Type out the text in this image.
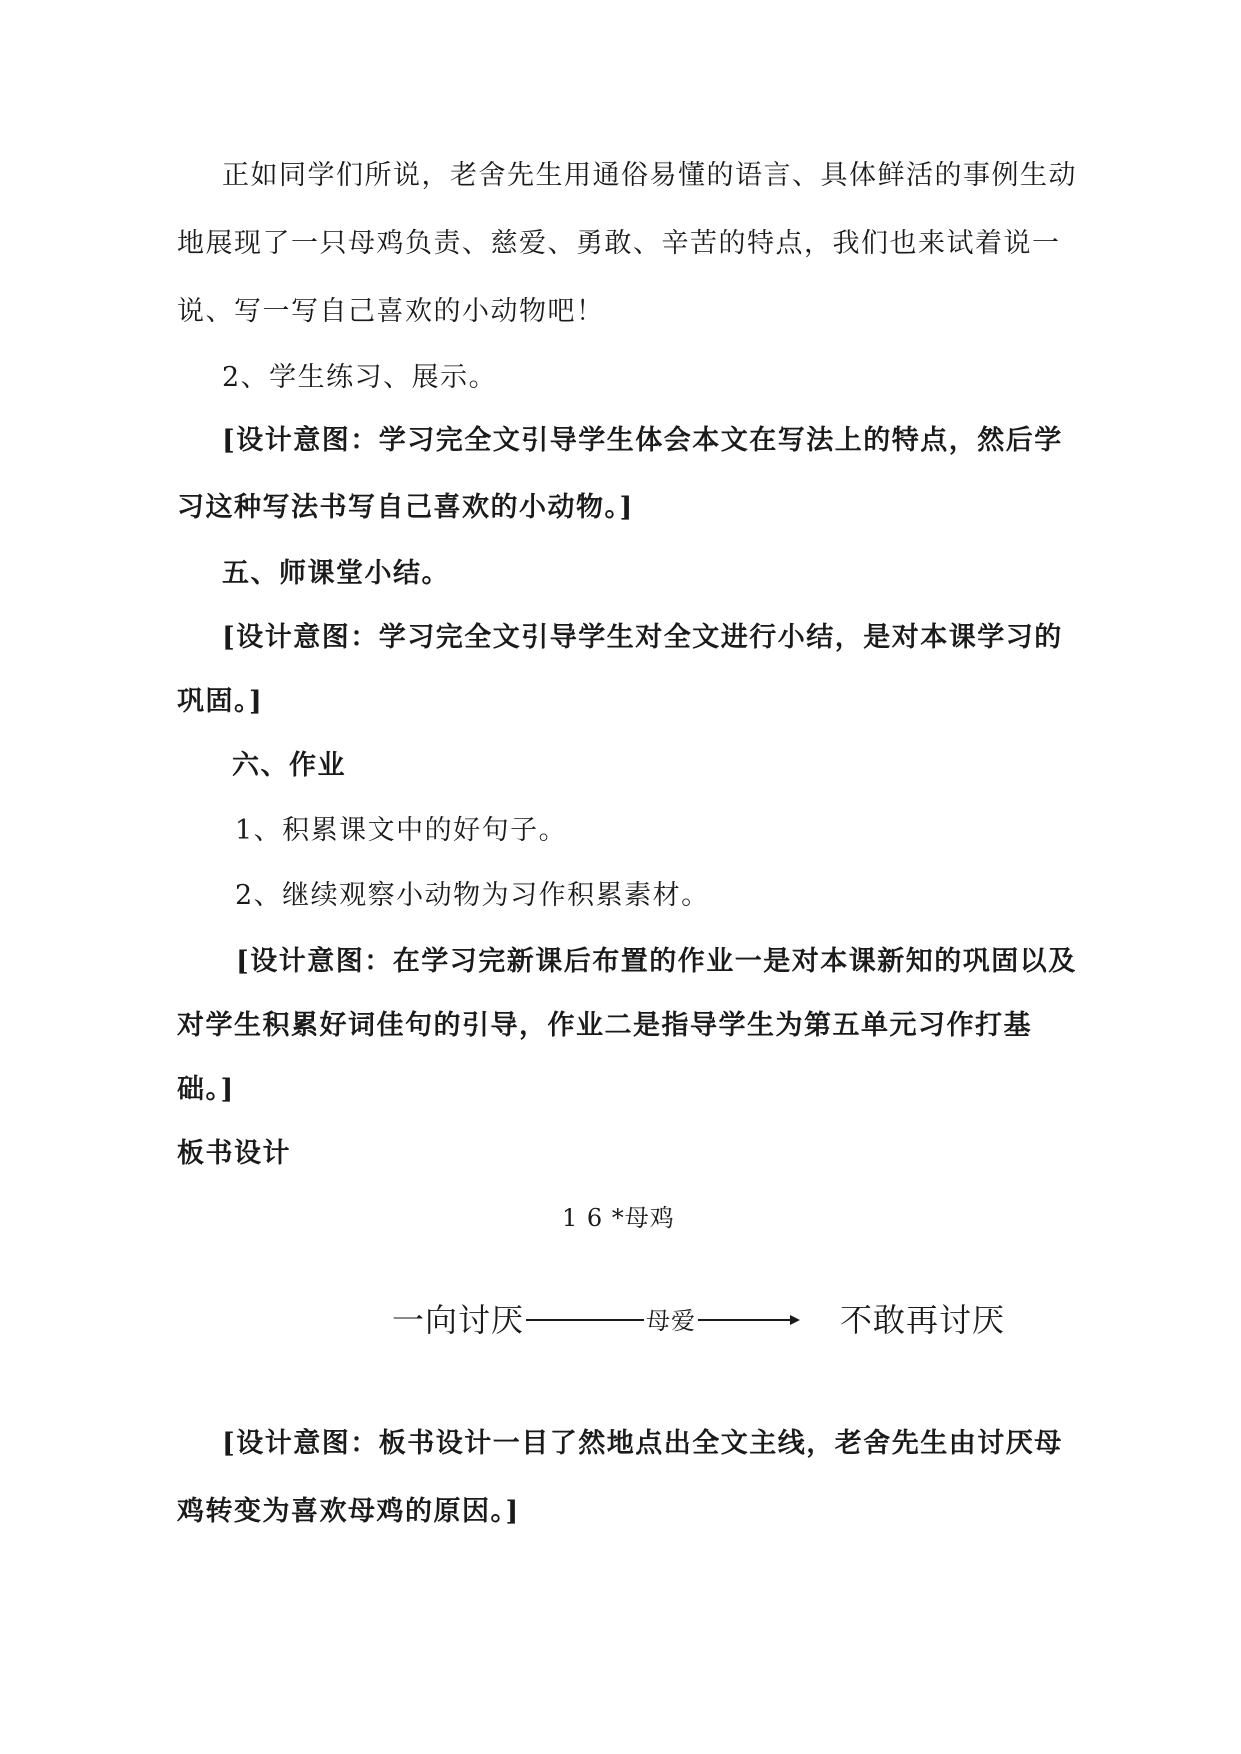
正如同学们所说，老舍先生用通俗易懂的语言、具体鲜活的事例生动
地展现了一只母鸡负责、慈爱、勇敢、辛苦的特点，我们也来试着说一
说、写一写自己喜欢的小动物吧！
2、学生练习、展示。
[设计意图：学习完全文引导学生体会本文在写法上的特点，然后学
习这种写法书写自己喜欢的小动物。]
五、师课堂小结。
[设计意图：学习完全文引导学生对全文进行小结，是对本课学习的
巩固。]
六、作业
1、积累课文中的好句子。
2、继续观察小动物为习作积累素材。
[设计意图：在学习完新课后布置的作业一是对本课新知的巩固以及
对学生积累好词佳句的引导，作业二是指导学生为第五单元习作打基
础。]
板书设计
1 6 *母鸡
一向讨厌	母爱	不敢再讨厌
[设计意图：板书设计一目了然地点出全文主线，老舍先生由讨厌母
鸡转变为喜欢母鸡的原因。]
